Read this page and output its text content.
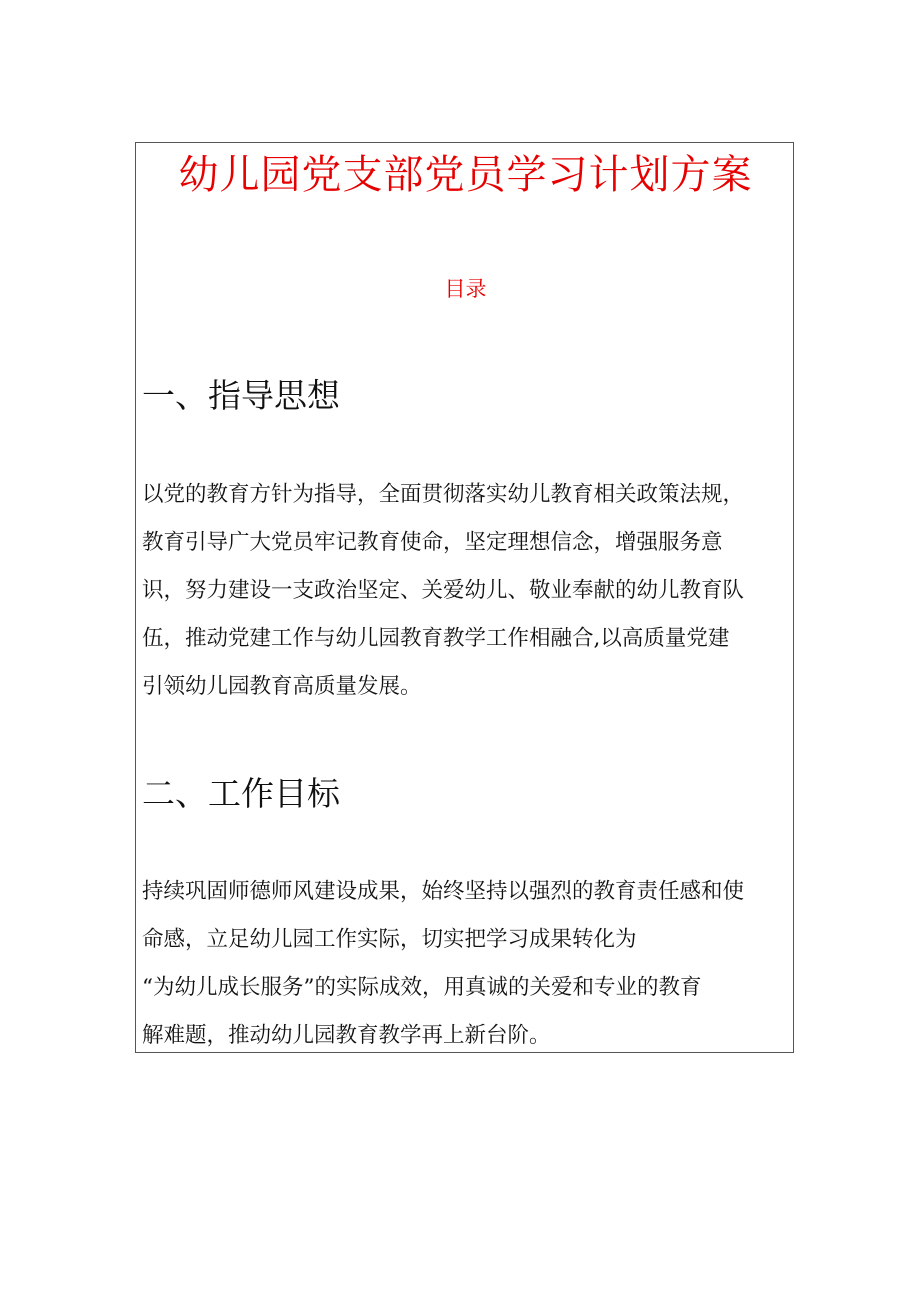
幼儿园党支部党员学习计划方案
目录
一、指导思想
以党的教育方针为指导，全面贯彻落实幼儿教育相关政策法规，
教育引导广大党员牢记教育使命，坚定理想信念，增强服务意
识，努力建设一支政治坚定、关爱幼儿、敬业奉献的幼儿教育队
伍，推动党建工作与幼儿园教育教学工作相融合,以高质量党建
引领幼儿园教育高质量发展。
二、工作目标
持续巩固师德师风建设成果，始终坚持以强烈的教育责任感和使
命感，立足幼儿园工作实际，切实把学习成果转化为
“为幼儿成长服务”的实际成效，用真诚的关爱和专业的教育
解难题，推动幼儿园教育教学再上新台阶。
